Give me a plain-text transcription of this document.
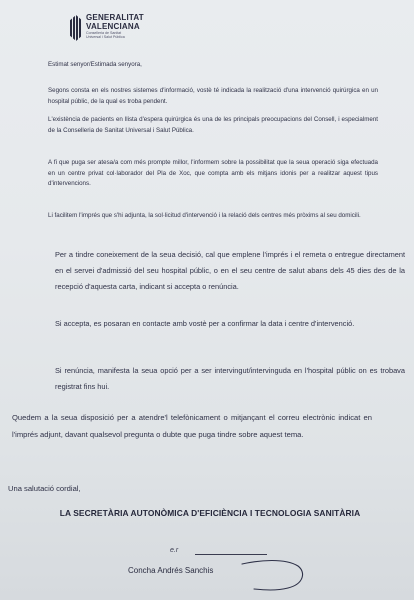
GENERALITAT
VALENCIANA
Conselleria de Sanitat
Universal i Salut Pública

Estimat senyor/Estimada senyora,

Segons consta en els nostres sistemes d'informació, vostè té indicada la realització d'una intervenció quirúrgica en un hospital públic, de la qual es troba pendent.

L'existència de pacients en llista d'espera quirúrgica és una de les principals preocupacions del Consell, i especialment de la Conselleria de Sanitat Universal i Salut Pública.

A fi que puga ser atesa/a com més prompte millor, l'informem sobre la possibilitat que la seua operació siga efectuada en un centre privat col·laborador del Pla de Xoc, que compta amb els mitjans idonis per a realitzar aquest tipus d'intervencions.

Li facilitem l'imprés que s'hi adjunta, la sol·licitud d'intervenció i la relació dels centres més pròxims al seu domicili.

Per a tindre coneixement de la seua decisió, cal que emplene l'imprés i el remeta o entregue directament en el servei d'admissió del seu hospital públic, o en el seu centre de salut abans dels 45 dies des de la recepció d'aquesta carta, indicant si accepta o renúncia.

Si accepta, es posaran en contacte amb vostè per a confirmar la data i centre d'intervenció.

Si renúncia, manifesta la seua opció per a ser intervingut/intervinguda en l'hospital públic on es trobava registrat fins hui.

Quedem a la seua disposició per a atendre'l telefònicament o mitjançant el correu electrònic indicat en l'imprés adjunt, davant qualsevol pregunta o dubte que puga tindre sobre aquest tema.

Una salutació cordial,

LA SECRETÀRIA AUTONÒMICA D'EFICIÈNCIA I TECNOLOGIA SANITÀRIA

e.r

Concha Andrés Sanchis
